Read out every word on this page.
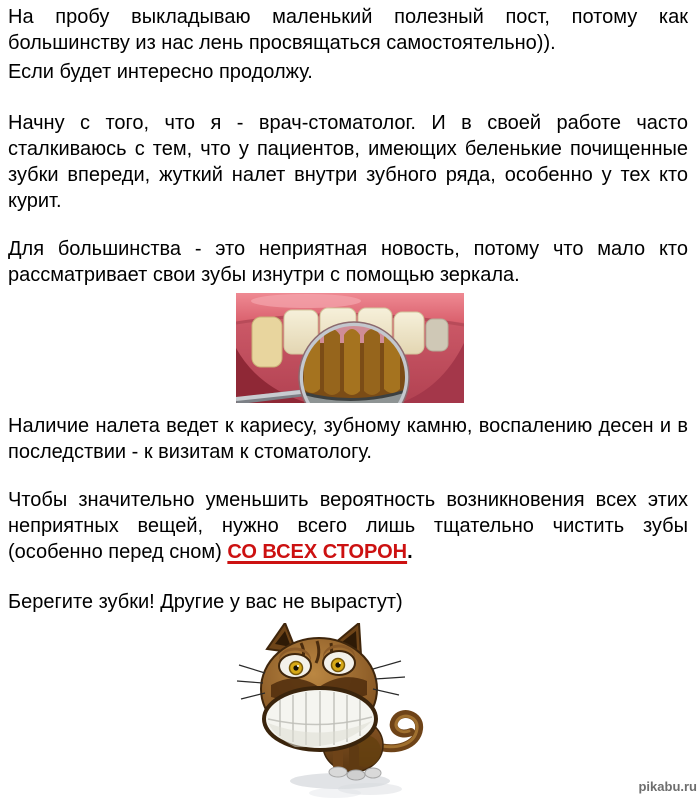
На пробу выкладываю маленький полезный пост, потому как большинству из нас лень просвящаться самостоятельно)).

Если будет интересно продолжу.

Начну с того, что я - врач-стоматолог. И в своей работе часто сталкиваюсь с тем, что у пациентов, имеющих беленькие почищенные зубки впереди, жуткий налет внутри зубного ряда, особенно у тех кто курит.

Для большинства - это неприятная новость, потому что мало кто рассматривает свои зубы изнутри с помощью зеркала.

Наличие налета ведет к кариесу, зубному камню, воспалению десен и в последствии - к визитам к стоматологу.

Чтобы значительно уменьшить вероятность возникновения всех этих неприятных вещей, нужно всего лишь тщательно чистить зубы (особенно перед сном) СО ВСЕХ СТОРОН.

Берегите зубки! Другие у вас не вырастут)

pikabu.ru
